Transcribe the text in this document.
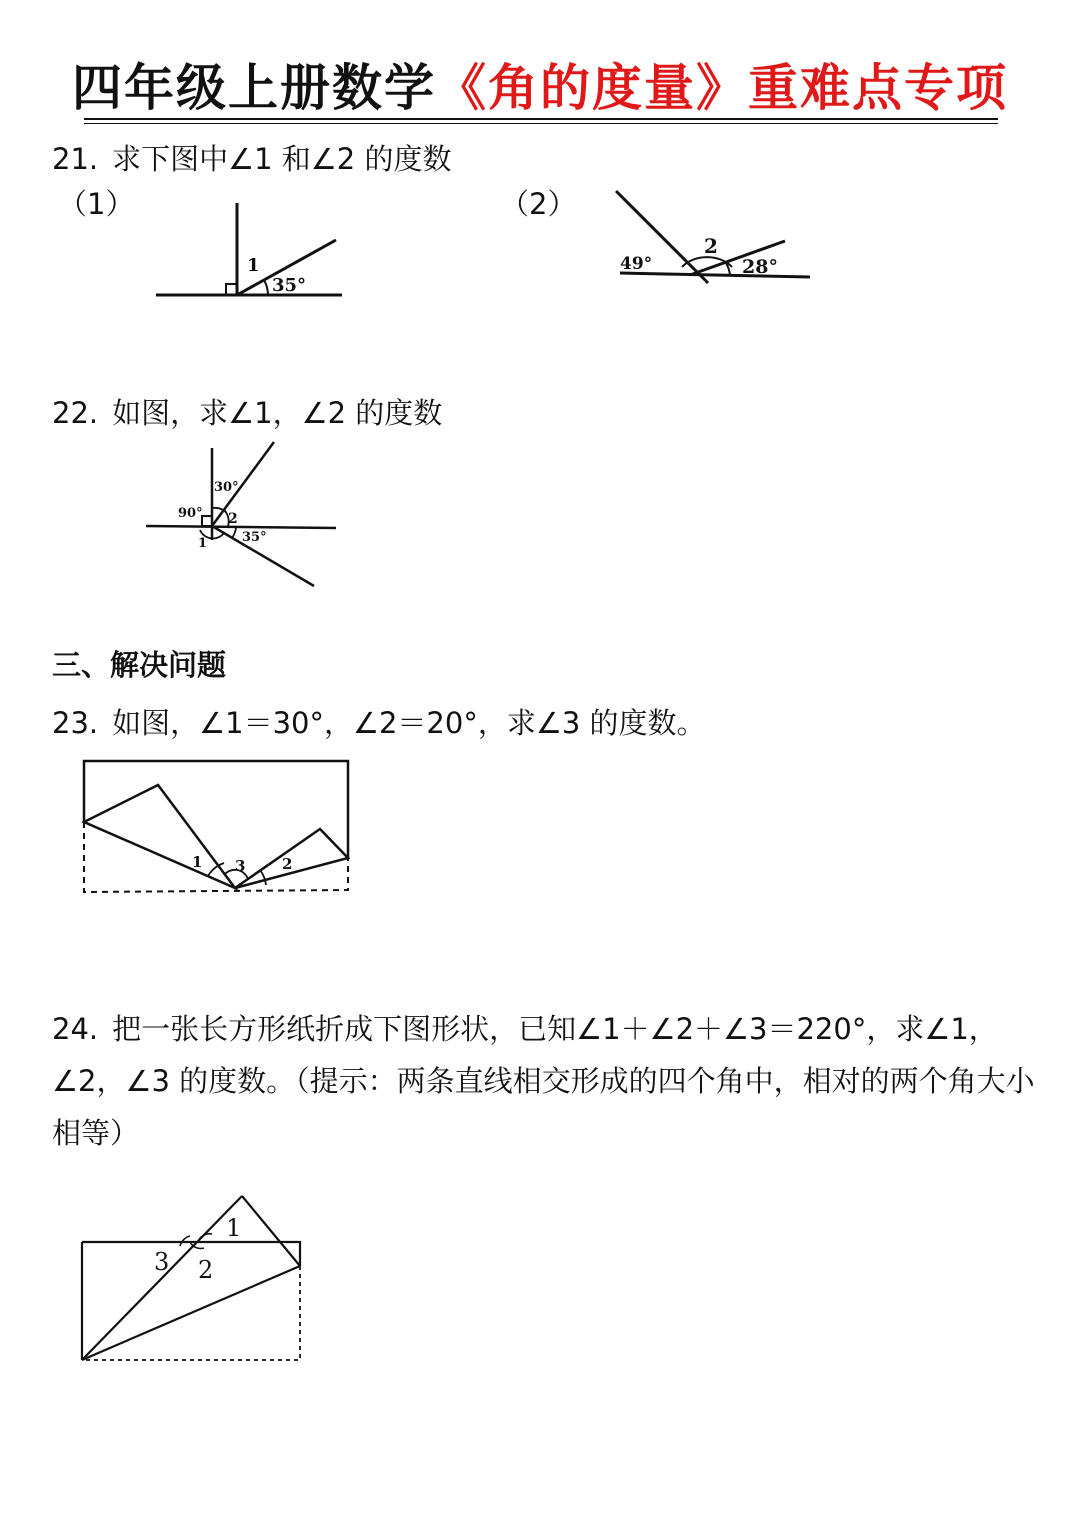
四年级上册数学《角的度量》重难点专项
21. 求下图中∠1 和∠2 的度数
（1）	（2）
1
35°
2
49°	28°
22. 如图，求∠1，∠2 的度数
30°
90° 2
1	35°
三、解决问题
23. 如图，∠1＝30°，∠2＝20°，求∠3 的度数。
1 3 2
24. 把一张长方形纸折成下图形状，已知∠1＋∠2＋∠3＝220°，求∠1，∠2，∠3 的度数。（提示：两条直线相交形成的四个角中，相对的两个角大小相等）
1
3 2
